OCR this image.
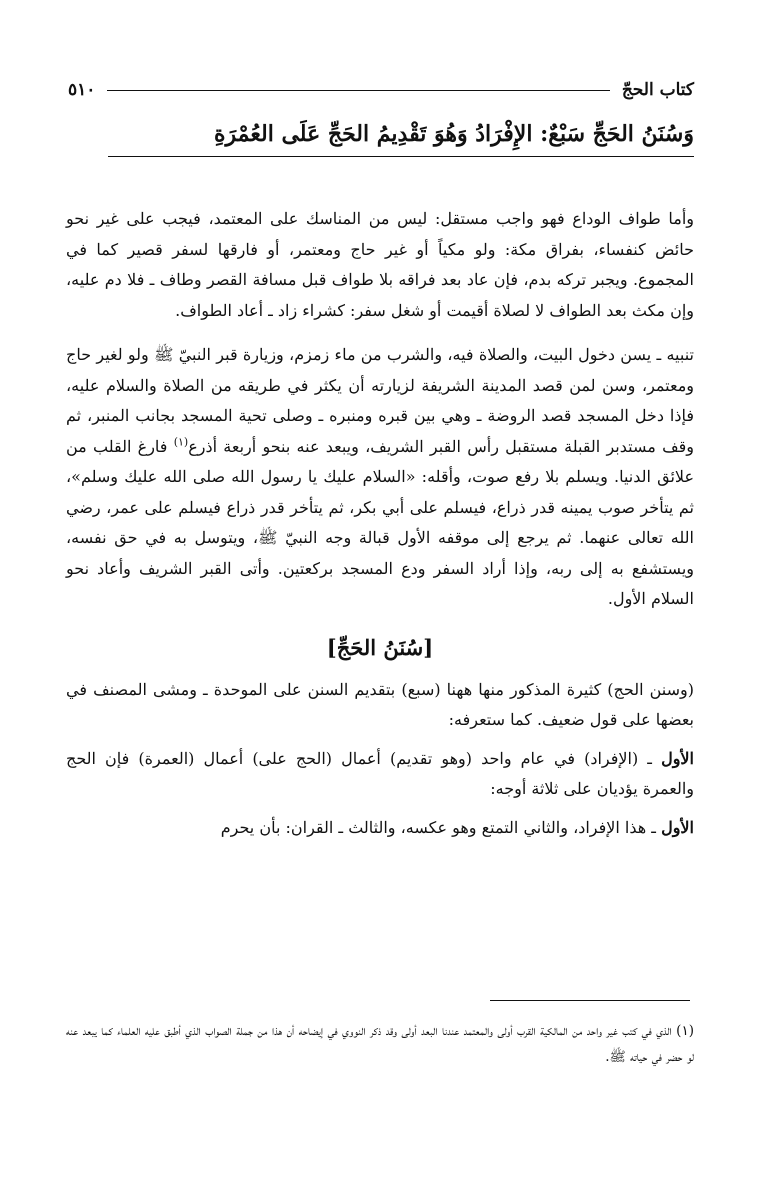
كتاب الحجّ
٥١٠
وَسُنَنُ الحَجِّ سَبْعٌ: الإِفْرَادُ وَهُوَ تَقْدِيمُ الحَجِّ عَلَى العُمْرَةِ

وأما طواف الوداع فهو واجب مستقل: ليس من المناسك على المعتمد، فيجب على غير نحو حائض كنفساء، بفراق مكة: ولو مكياً أو غير حاج ومعتمر، أو فارقها لسفر قصير كما في المجموع. ويجبر تركه بدم، فإن عاد بعد فراقه بلا طواف قبل مسافة القصر وطاف ـ فلا دم عليه، وإن مكث بعد الطواف لا لصلاة أقيمت أو شغل سفر: كشراء زاد ـ أعاد الطواف.

تنبيه ـ يسن دخول البيت، والصلاة فيه، والشرب من ماء زمزم، وزيارة قبر النبيّ ﷺ ولو لغير حاج ومعتمر، وسن لمن قصد المدينة الشريفة لزيارته أن يكثر في طريقه من الصلاة والسلام عليه، فإذا دخل المسجد قصد الروضة ـ وهي بين قبره ومنبره ـ وصلى تحية المسجد بجانب المنبر، ثم وقف مستدبر القبلة مستقبل رأس القبر الشريف، ويبعد عنه بنحو أربعة أذرع$^{(١)}$ فارغ القلب من علائق الدنيا. ويسلم بلا رفع صوت، وأقله: «السلام عليك يا رسول الله صلى الله عليك وسلم»، ثم يتأخر صوب يمينه قدر ذراع، فيسلم على أبي بكر، ثم يتأخر قدر ذراع فيسلم على عمر، رضي الله تعالى عنهما. ثم يرجع إلى موقفه الأول قبالة وجه النبيّ ﷺ، ويتوسل به في حق نفسه، ويستشفع به إلى ربه، وإذا أراد السفر ودع المسجد بركعتين. وأتى القبر الشريف وأعاد نحو السلام الأول.

[سُنَنُ الحَجِّ]

(وسنن الحج) كثيرة المذكور منها ههنا (سبع) بتقديم السنن على الموحدة ـ ومشى المصنف في بعضها على قول ضعيف. كما ستعرفه:

الأول ـ (الإفراد) في عام واحد (وهو تقديم) أعمال (الحج على) أعمال (العمرة) فإن الحج والعمرة يؤديان على ثلاثة أوجه:

الأول ـ هذا الإفراد، والثاني التمتع وهو عكسه، والثالث ـ القران: بأن يحرم

(١) الذي في كتب غير واحد من المالكية القرب أولى والمعتمد عندنا البعد أولى وقد ذكر النووي في إيضاحه أن هذا من جملة الصواب الذي أطبق عليه العلماء كما يبعد عنه لو حضر في حياته ﷺ.
